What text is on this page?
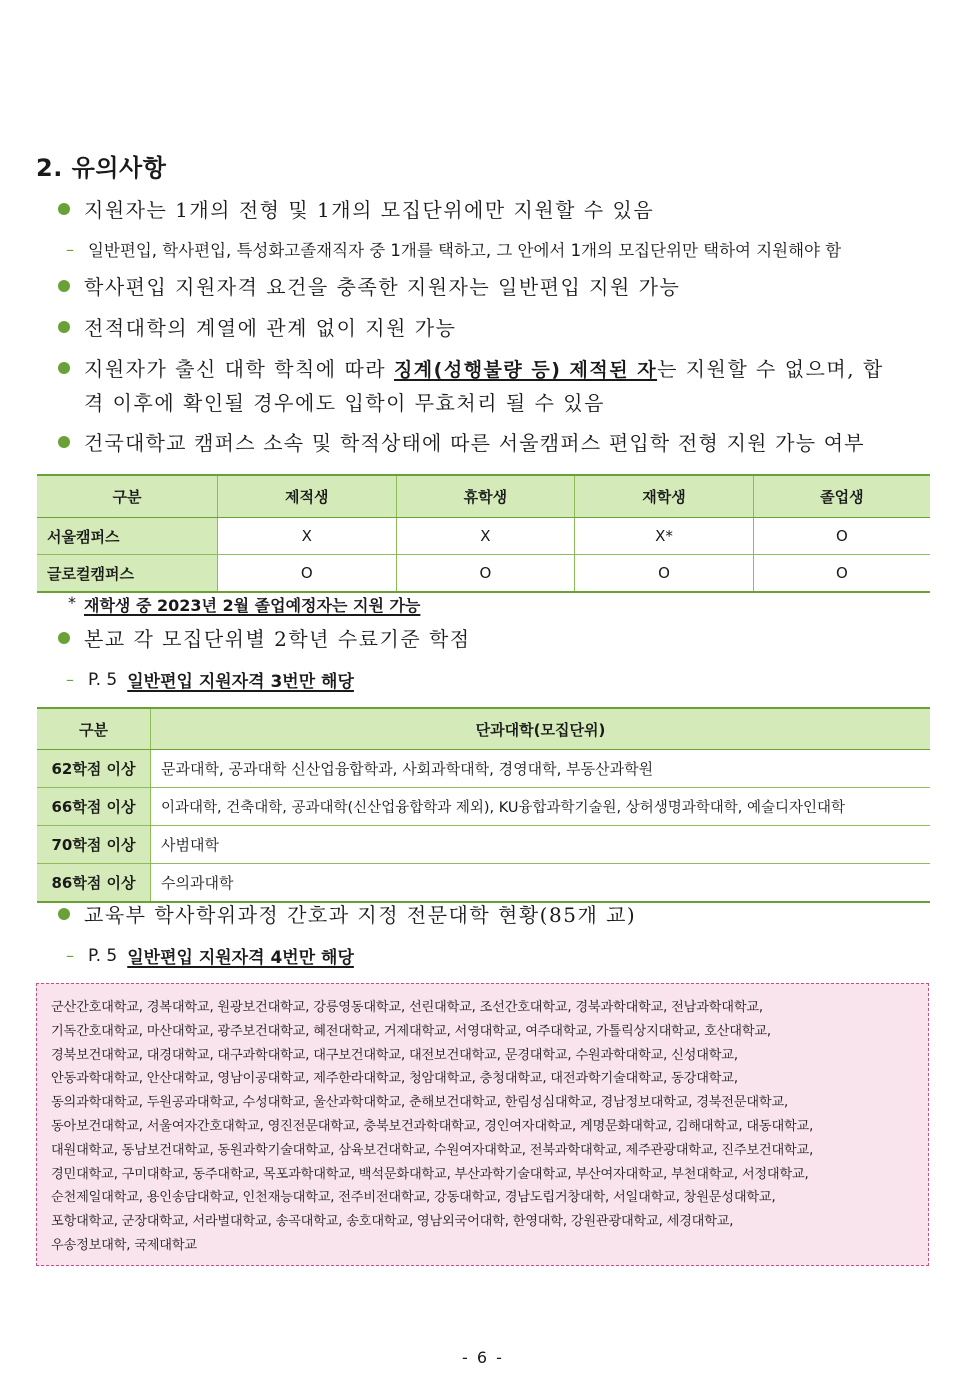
2. 유의사항
지원자는 1개의 전형 및 1개의 모집단위에만 지원할 수 있음
– 일반편입, 학사편입, 특성화고졸재직자 중 1개를 택하고, 그 안에서 1개의 모집단위만 택하여 지원해야 함
학사편입 지원자격 요건을 충족한 지원자는 일반편입 지원 가능
전적대학의 계열에 관계 없이 지원 가능
지원자가 출신 대학 학칙에 따라 징계(성행불량 등) 제적된 자는 지원할 수 없으며, 합
격 이후에 확인될 경우에도 입학이 무효처리 될 수 있음
건국대학교 캠퍼스 소속 및 학적상태에 따른 서울캠퍼스 편입학 전형 지원 가능 여부
구분	제적생	휴학생	재학생	졸업생
서울캠퍼스	X	X	X*	O
글로컬캠퍼스	O	O	O	O
* 재학생 중 2023년 2월 졸업예정자는 지원 가능
본교 각 모집단위별 2학년 수료기준 학점
– P. 5 일반편입 지원자격 3번만 해당
구분	단과대학(모집단위)
62학점 이상	문과대학, 공과대학 신산업융합학과, 사회과학대학, 경영대학, 부동산과학원
66학점 이상	이과대학, 건축대학, 공과대학(신산업융합학과 제외), KU융합과학기술원, 상허생명과학대학, 예술디자인대학
70학점 이상	사범대학
86학점 이상	수의과대학
교육부 학사학위과정 간호과 지정 전문대학 현황(85개 교)
– P. 5 일반편입 지원자격 4번만 해당
군산간호대학교, 경복대학교, 원광보건대학교, 강릉영동대학교, 선린대학교, 조선간호대학교, 경북과학대학교, 전남과학대학교,
기독간호대학교, 마산대학교, 광주보건대학교, 혜전대학교, 거제대학교, 서영대학교, 여주대학교, 가톨릭상지대학교, 호산대학교,
경북보건대학교, 대경대학교, 대구과학대학교, 대구보건대학교, 대전보건대학교, 문경대학교, 수원과학대학교, 신성대학교,
안동과학대학교, 안산대학교, 영남이공대학교, 제주한라대학교, 청암대학교, 충청대학교, 대전과학기술대학교, 동강대학교,
동의과학대학교, 두원공과대학교, 수성대학교, 울산과학대학교, 춘해보건대학교, 한림성심대학교, 경남정보대학교, 경북전문대학교,
동아보건대학교, 서울여자간호대학교, 영진전문대학교, 충북보건과학대학교, 경인여자대학교, 계명문화대학교, 김해대학교, 대동대학교,
대원대학교, 동남보건대학교, 동원과학기술대학교, 삼육보건대학교, 수원여자대학교, 전북과학대학교, 제주관광대학교, 진주보건대학교,
경민대학교, 구미대학교, 동주대학교, 목포과학대학교, 백석문화대학교, 부산과학기술대학교, 부산여자대학교, 부천대학교, 서정대학교,
순천제일대학교, 용인송담대학교, 인천재능대학교, 전주비전대학교, 강동대학교, 경남도립거창대학, 서일대학교, 창원문성대학교,
포항대학교, 군장대학교, 서라벌대학교, 송곡대학교, 송호대학교, 영남외국어대학, 한영대학, 강원관광대학교, 세경대학교,
우송정보대학, 국제대학교
- 6 -
